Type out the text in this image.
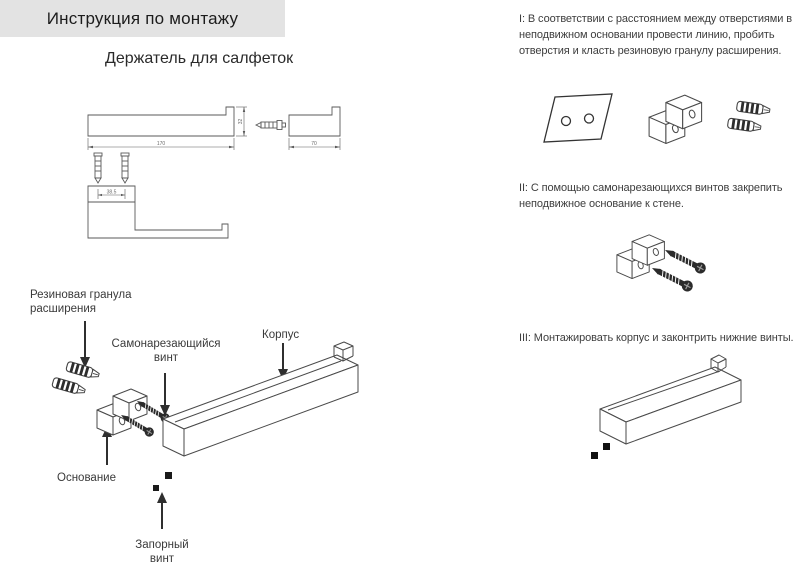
Инструкция по монтажу
Держатель для салфеток
170
32
70
38.5
Резиновая гранула расширения
Самонарезающийся винт
Корпус
Основание
Запорный винт
I: В соответствии с расстоянием между отверстиями в неподвижном основании провести линию, пробить отверстия и класть резиновую гранулу расширения.
II: С помощью самонарезающихся винтов закрепить неподвижное основание к стене.
III: Монтажировать корпус и законтрить нижние винты.
